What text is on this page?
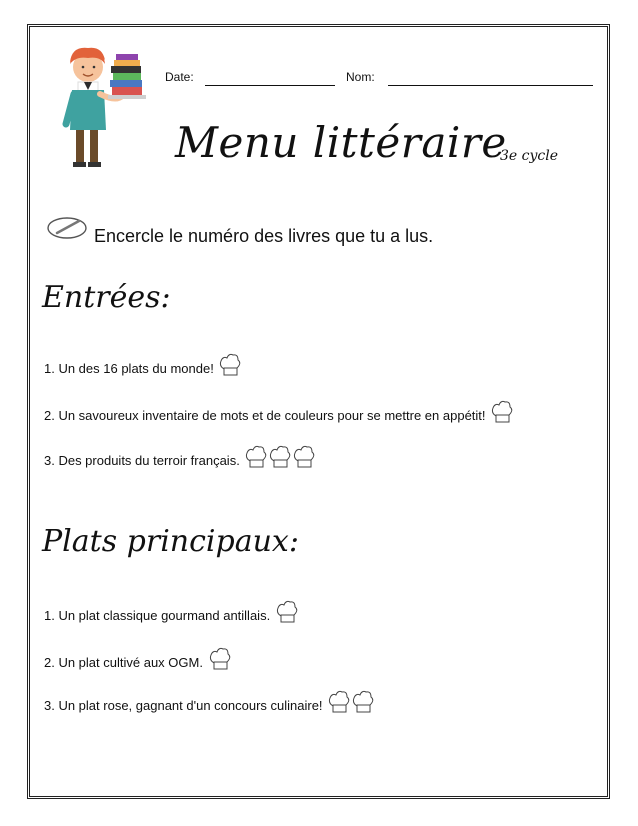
Date:	Nom:
Menu littéraire
3e cycle
Encercle le numéro des livres que tu a lus.
Entrées:
1. Un des 16 plats du monde!
2. Un savoureux inventaire de mots et de couleurs pour se mettre en appétit!
3. Des produits du terroir français.
Plats principaux:
1. Un plat classique gourmand antillais.
2. Un plat cultivé aux OGM.
3. Un plat rose, gagnant d'un concours culinaire!
